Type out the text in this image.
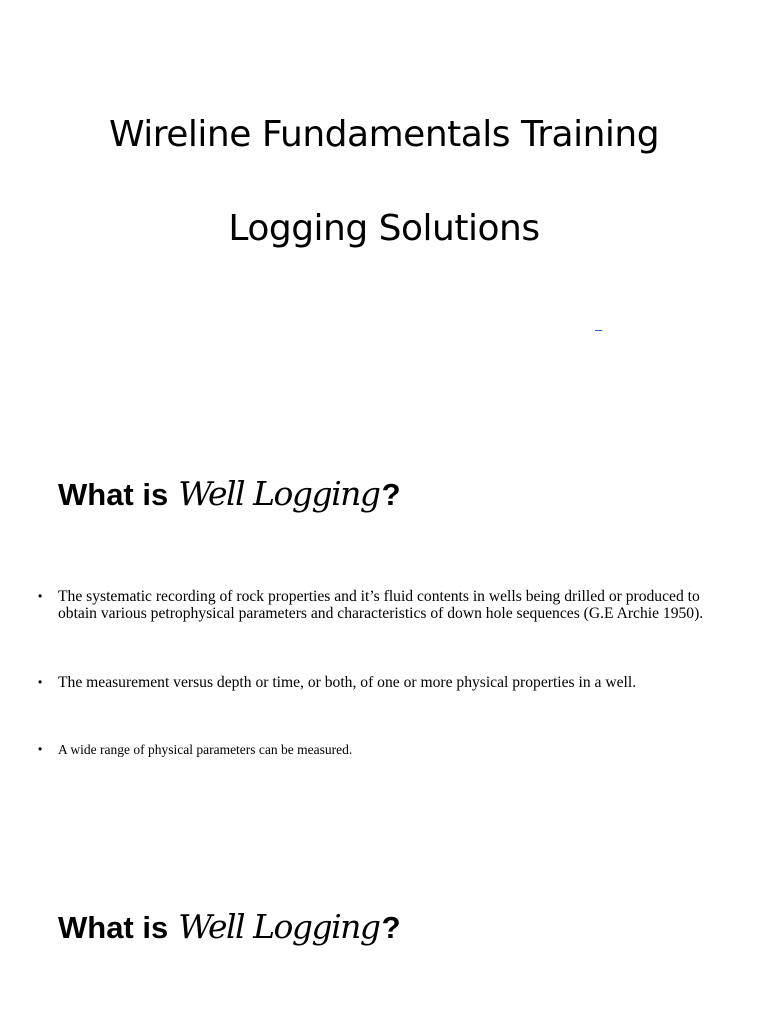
Wireline Fundamentals Training
Logging Solutions
What is Well Logging?
• The systematic recording of rock properties and it’s fluid contents in wells being drilled or produced to obtain various petrophysical parameters and characteristics of down hole sequences (G.E Archie 1950).
• The measurement versus depth or time, or both, of one or more physical properties in a well.
• A wide range of physical parameters can be measured.
What is Well Logging?
